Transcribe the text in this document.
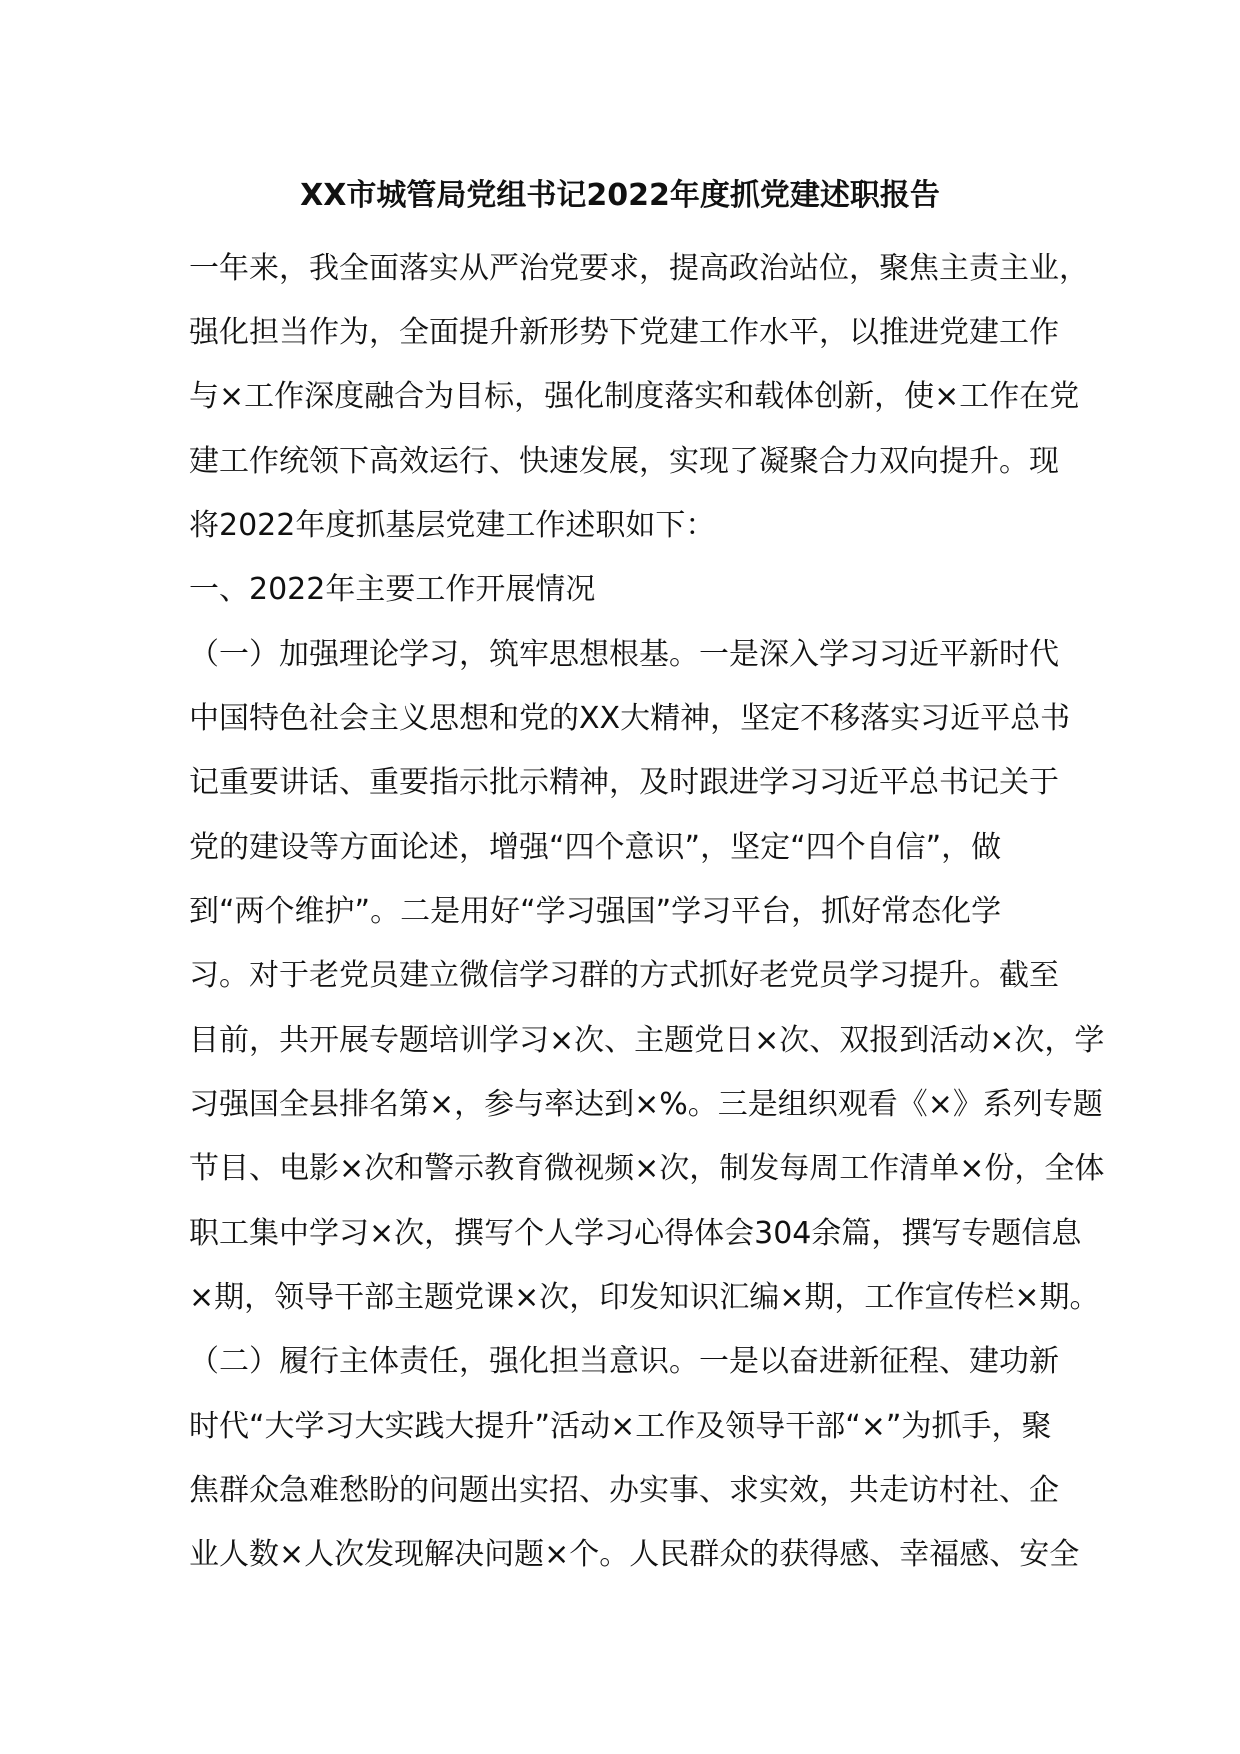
XX市城管局党组书记2022年度抓党建述职报告
一年来，我全面落实从严治党要求，提高政治站位，聚焦主责主业，
强化担当作为，全面提升新形势下党建工作水平，以推进党建工作
与×工作深度融合为目标，强化制度落实和载体创新，使×工作在党
建工作统领下高效运行、快速发展，实现了凝聚合力双向提升。现
将2022年度抓基层党建工作述职如下：
一、2022年主要工作开展情况
（一）加强理论学习，筑牢思想根基。一是深入学习习近平新时代
中国特色社会主义思想和党的XX大精神，坚定不移落实习近平总书
记重要讲话、重要指示批示精神，及时跟进学习习近平总书记关于
党的建设等方面论述，增强“四个意识”，坚定“四个自信”，做
到“两个维护”。二是用好“学习强国”学习平台，抓好常态化学
习。对于老党员建立微信学习群的方式抓好老党员学习提升。截至
目前，共开展专题培训学习×次、主题党日×次、双报到活动×次，学
习强国全县排名第×，参与率达到×%。三是组织观看《×》系列专题
节目、电影×次和警示教育微视频×次，制发每周工作清单×份，全体
职工集中学习×次，撰写个人学习心得体会304余篇，撰写专题信息
×期，领导干部主题党课×次，印发知识汇编×期，工作宣传栏×期。
（二）履行主体责任，强化担当意识。一是以奋进新征程、建功新
时代“大学习大实践大提升”活动×工作及领导干部“×”为抓手，聚
焦群众急难愁盼的问题出实招、办实事、求实效，共走访村社、企
业人数×人次发现解决问题×个。人民群众的获得感、幸福感、安全
